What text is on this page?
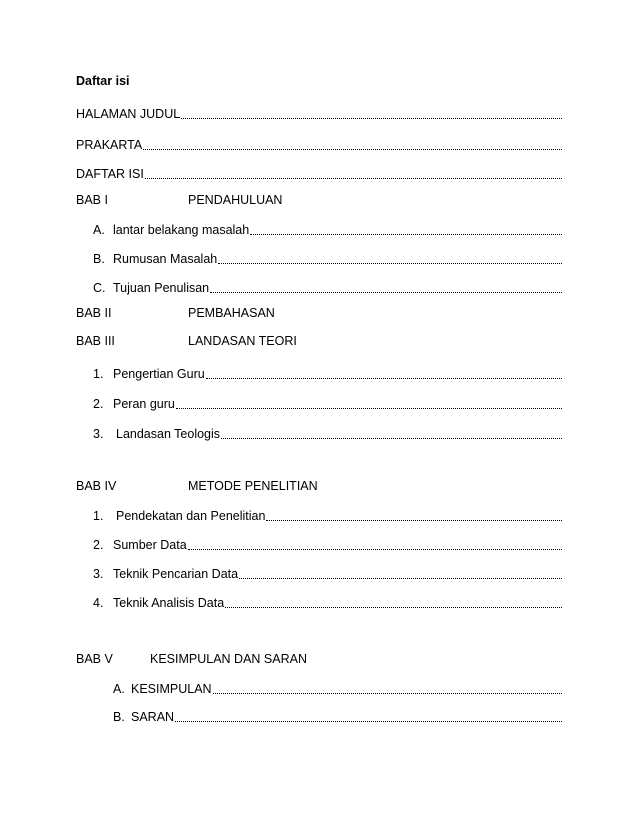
Daftar isi
HALAMAN JUDUL
PRAKARTA
DAFTAR ISI
BAB I	PENDAHULUAN
A. lantar belakang masalah
B. Rumusan Masalah
C. Tujuan Penulisan
BAB II	PEMBAHASAN
BAB III	LANDASAN TEORI
1. Pengertian Guru
2. Peran guru
3.	Landasan Teologis
BAB IV	METODE PENELITIAN
1.	Pendekatan dan Penelitian
2. Sumber Data
3. Teknik Pencarian Data
4. Teknik Analisis Data
BAB V	KESIMPULAN DAN SARAN
A. KESIMPULAN
B. SARAN
